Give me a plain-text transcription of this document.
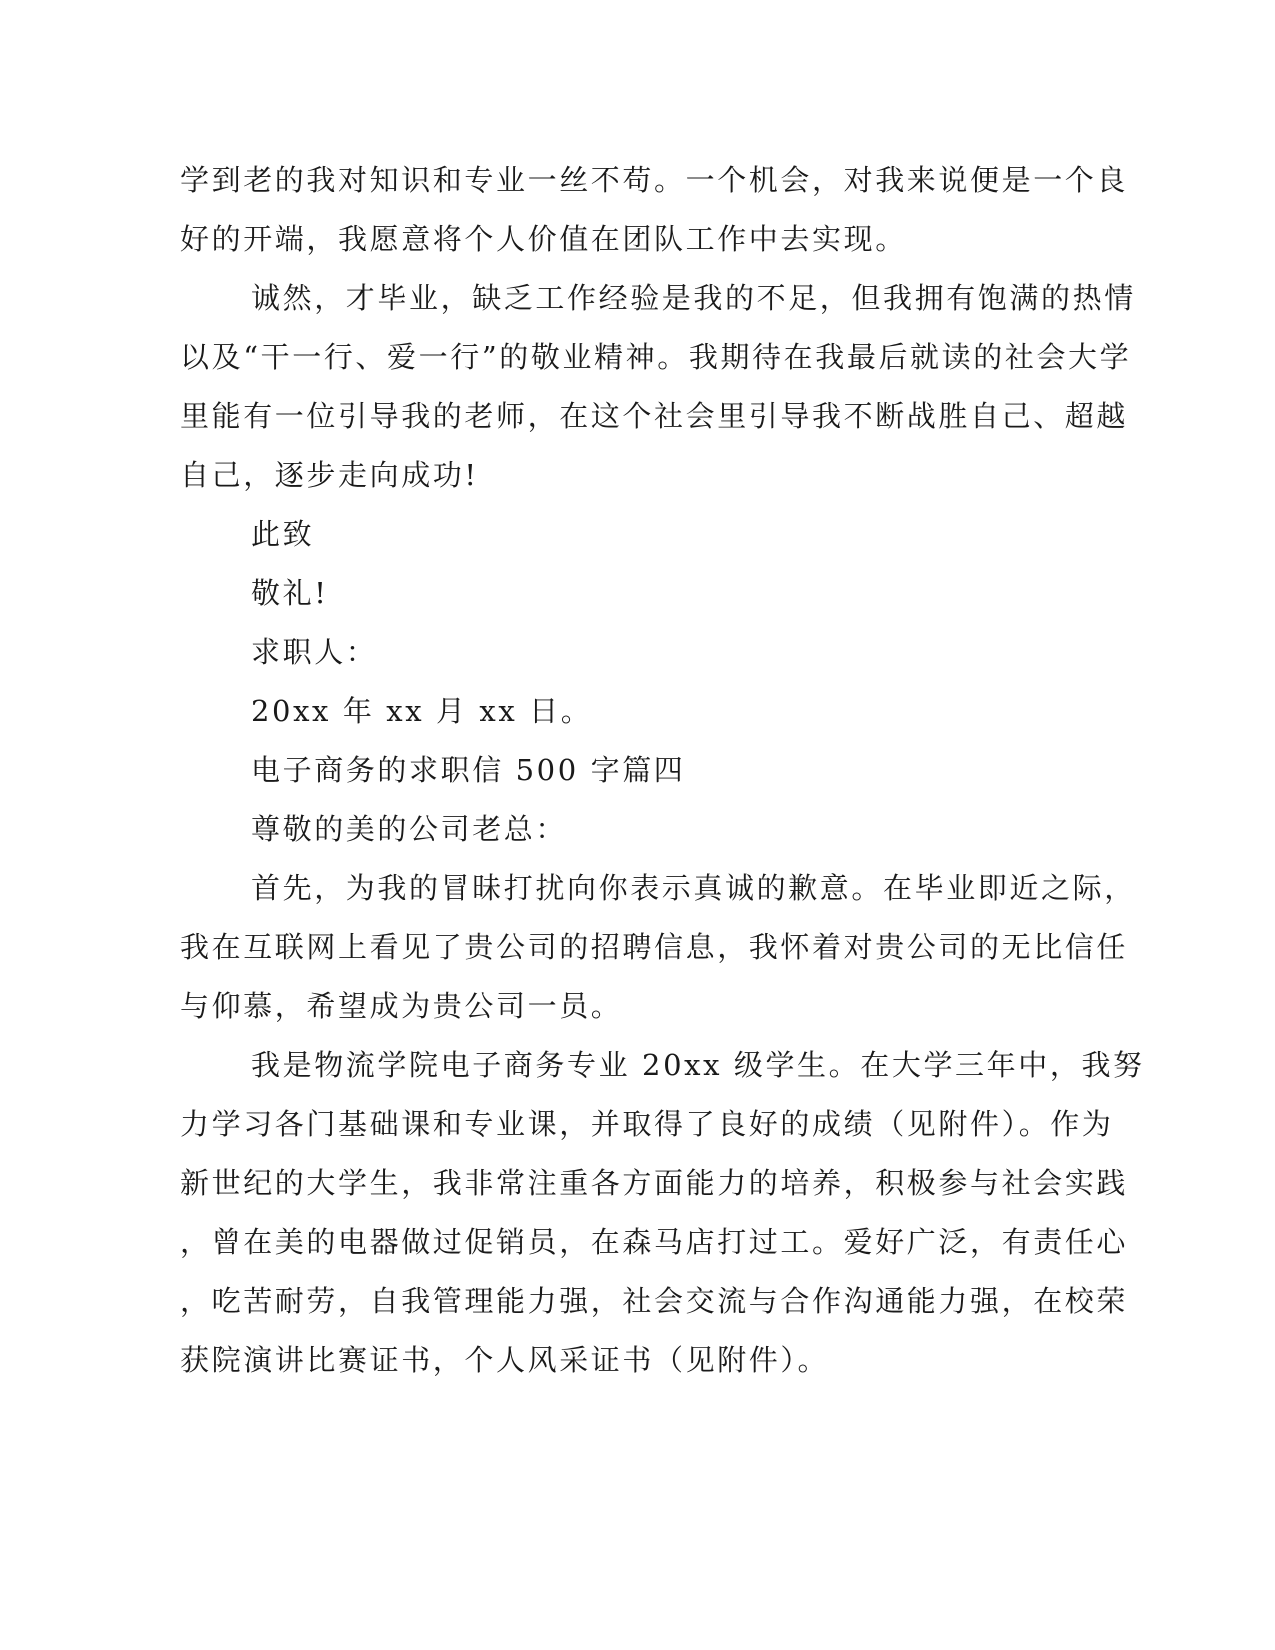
学到老的我对知识和专业一丝不苟。一个机会，对我来说便是一个良
好的开端，我愿意将个人价值在团队工作中去实现。
诚然，才毕业，缺乏工作经验是我的不足，但我拥有饱满的热情
以及“干一行、爱一行”的敬业精神。我期待在我最后就读的社会大学
里能有一位引导我的老师，在这个社会里引导我不断战胜自己、超越
自己，逐步走向成功!
此致
敬礼!
求职人：
20xx 年 xx 月 xx 日。
电子商务的求职信 500 字篇四
尊敬的美的公司老总：
首先，为我的冒昧打扰向你表示真诚的歉意。在毕业即近之际，
我在互联网上看见了贵公司的招聘信息，我怀着对贵公司的无比信任
与仰慕，希望成为贵公司一员。
我是物流学院电子商务专业 20xx 级学生。在大学三年中，我努
力学习各门基础课和专业课，并取得了良好的成绩（见附件）。作为
新世纪的大学生，我非常注重各方面能力的培养，积极参与社会实践
，曾在美的电器做过促销员，在森马店打过工。爱好广泛，有责任心
，吃苦耐劳，自我管理能力强，社会交流与合作沟通能力强，在校荣
获院演讲比赛证书，个人风采证书（见附件）。
